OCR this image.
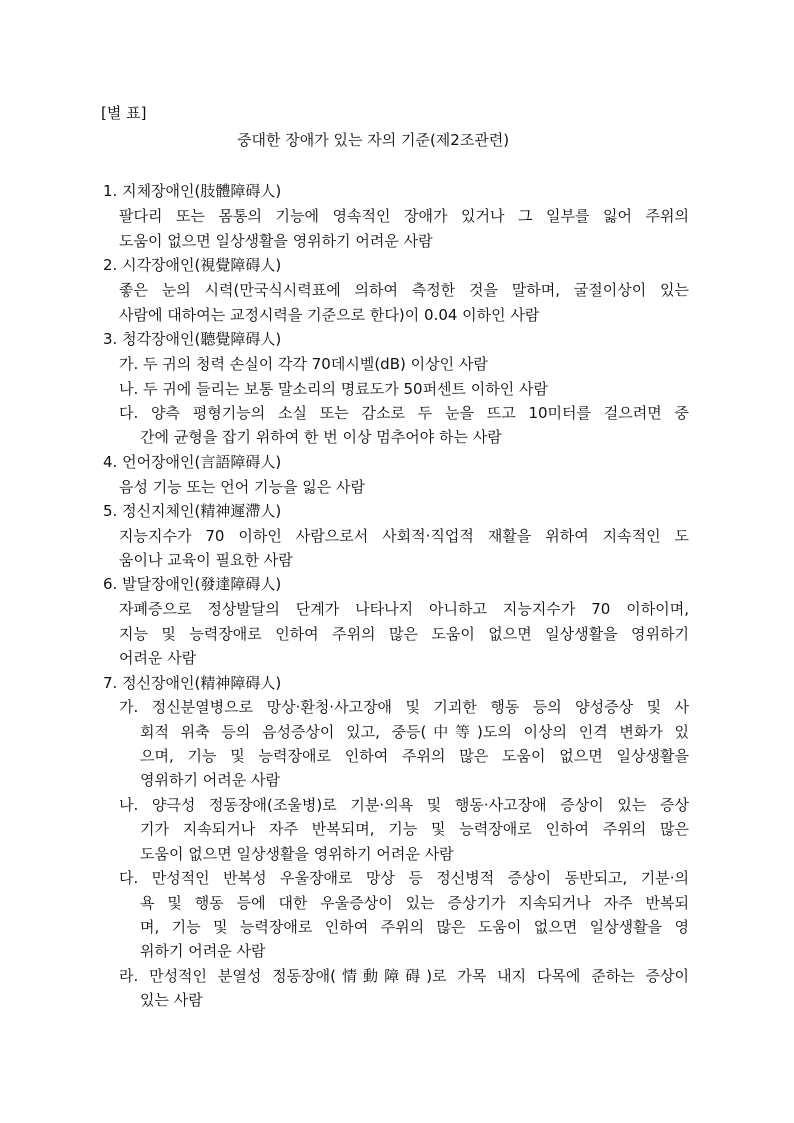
[별 표]
중대한 장애가 있는 자의 기준(제2조관련)
1. 지체장애인(肢體障碍人)
팔다리 또는 몸통의 기능에 영속적인 장애가 있거나 그 일부를 잃어 주위의
도움이 없으면 일상생활을 영위하기 어려운 사람
2. 시각장애인(視覺障碍人)
좋은 눈의 시력(만국식시력표에 의하여 측정한 것을 말하며, 굴절이상이 있는
사람에 대하여는 교정시력을 기준으로 한다)이 0.04 이하인 사람
3. 청각장애인(聽覺障碍人)
가. 두 귀의 청력 손실이 각각 70데시벨(dB) 이상인 사람
나. 두 귀에 들리는 보통 말소리의 명료도가 50퍼센트 이하인 사람
다. 양측 평형기능의 소실 또는 감소로 두 눈을 뜨고 10미터를 걸으려면 중
간에 균형을 잡기 위하여 한 번 이상 멈추어야 하는 사람
4. 언어장애인(言語障碍人)
음성 기능 또는 언어 기능을 잃은 사람
5. 정신지체인(精神遲滯人)
지능지수가 70 이하인 사람으로서 사회적·직업적 재활을 위하여 지속적인 도
움이나 교육이 필요한 사람
6. 발달장애인(發達障碍人)
자폐증으로 정상발달의 단계가 나타나지 아니하고 지능지수가 70 이하이며,
지능 및 능력장애로 인하여 주위의 많은 도움이 없으면 일상생활을 영위하기
어려운 사람
7. 정신장애인(精神障碍人)
가. 정신분열병으로 망상·환청·사고장애 및 기괴한 행동 등의 양성증상 및 사
회적 위축 등의 음성증상이 있고, 중등(中等)도의 이상의 인격 변화가 있
으며, 기능 및 능력장애로 인하여 주위의 많은 도움이 없으면 일상생활을
영위하기 어려운 사람
나. 양극성 정동장애(조울병)로 기분·의욕 및 행동·사고장애 증상이 있는 증상
기가 지속되거나 자주 반복되며, 기능 및 능력장애로 인하여 주위의 많은
도움이 없으면 일상생활을 영위하기 어려운 사람
다. 만성적인 반복성 우울장애로 망상 등 정신병적 증상이 동반되고, 기분·의
욕 및 행동 등에 대한 우울증상이 있는 증상기가 지속되거나 자주 반복되
며, 기능 및 능력장애로 인하여 주위의 많은 도움이 없으면 일상생활을 영
위하기 어려운 사람
라. 만성적인 분열성 정동장애(情動障碍)로 가목 내지 다목에 준하는 증상이
있는 사람
